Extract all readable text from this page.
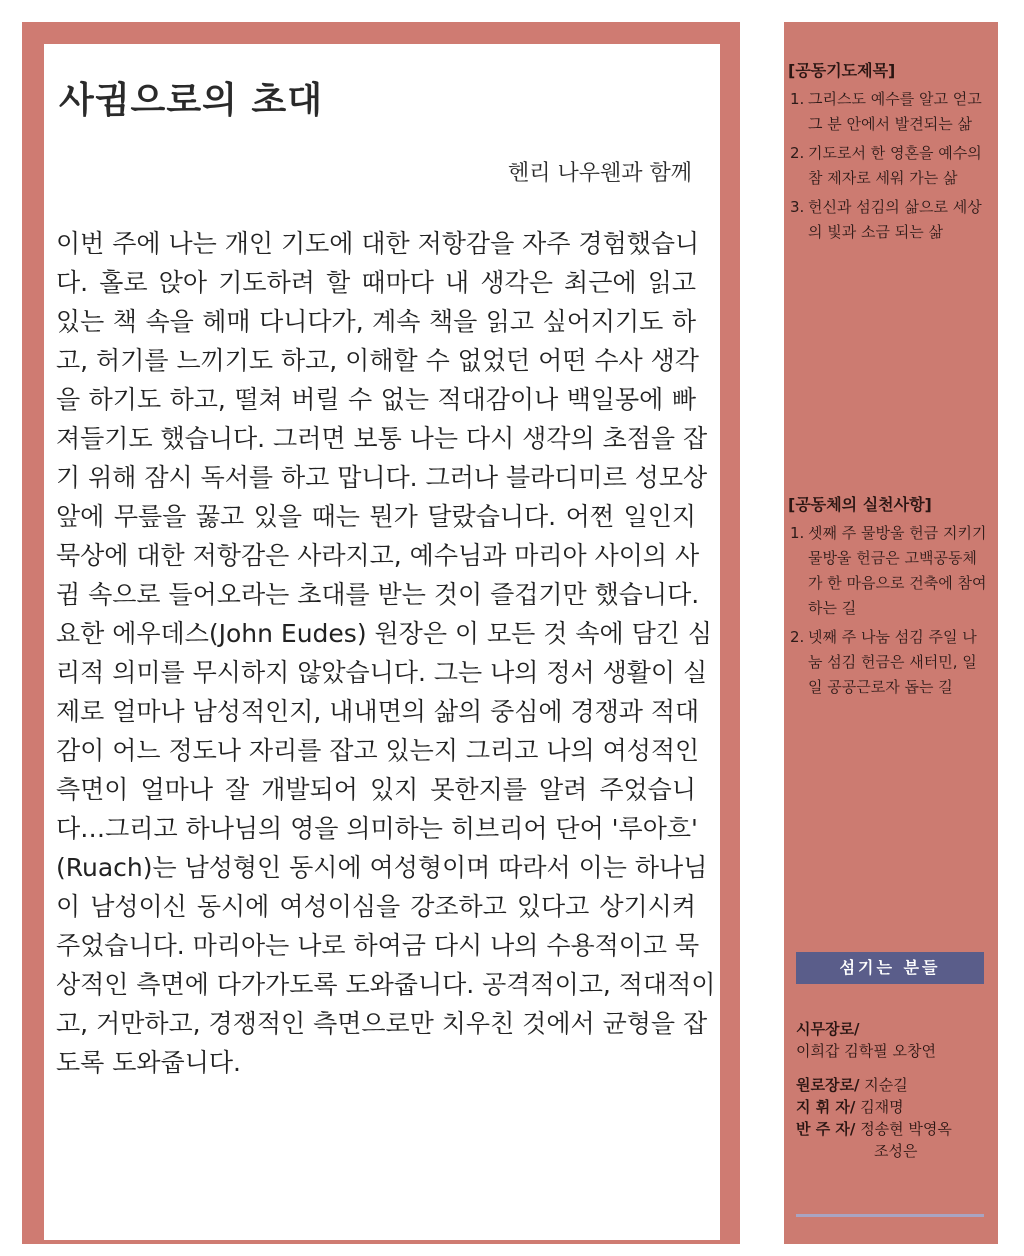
사귐으로의 초대
헨리 나우웬과 함께
이번 주에 나는 개인 기도에 대한 저항감을 자주 경험했습니
다. 홀로 앉아 기도하려 할 때마다 내 생각은 최근에 읽고
있는 책 속을 헤매 다니다가, 계속 책을 읽고 싶어지기도 하
고, 허기를 느끼기도 하고, 이해할 수 없었던 어떤 수사 생각
을 하기도 하고, 떨쳐 버릴 수 없는 적대감이나 백일몽에 빠
져들기도 했습니다. 그러면 보통 나는 다시 생각의 초점을 잡
기 위해 잠시 독서를 하고 맙니다. 그러나 블라디미르 성모상
앞에 무릎을 꿇고 있을 때는 뭔가 달랐습니다. 어쩐 일인지
묵상에 대한 저항감은 사라지고, 예수님과 마리아 사이의 사
귐 속으로 들어오라는 초대를 받는 것이 즐겁기만 했습니다.
요한 에우데스(John Eudes) 원장은 이 모든 것 속에 담긴 심
리적 의미를 무시하지 않았습니다. 그는 나의 정서 생활이 실
제로 얼마나 남성적인지, 내내면의 삶의 중심에 경쟁과 적대
감이 어느 정도나 자리를 잡고 있는지 그리고 나의 여성적인
측면이 얼마나 잘 개발되어 있지 못한지를 알려 주었습니
다…그리고 하나님의 영을 의미하는 히브리어 단어 '루아흐'
(Ruach)는 남성형인 동시에 여성형이며 따라서 이는 하나님
이 남성이신 동시에 여성이심을 강조하고 있다고 상기시켜
주었습니다. 마리아는 나로 하여금 다시 나의 수용적이고 묵
상적인 측면에 다가가도록 도와줍니다. 공격적이고, 적대적이
고, 거만하고, 경쟁적인 측면으로만 치우친 것에서 균형을 잡
도록 도와줍니다.
[공동기도제목]
1. 그리스도 예수를 알고 얻고 그 분 안에서 발견되는 삶
2. 기도로서 한 영혼을 예수의 참 제자로 세워 가는 삶
3. 헌신과 섬김의 삶으로 세상의 빛과 소금 되는 삶
[공동체의 실천사항]
1. 셋째 주 물방울 헌금 지키기 물방울 헌금은 고백공동체가 한 마음으로 건축에 참여하는 길
2. 넷째 주 나눔 섬김 주일 나눔 섬김 헌금은 새터민, 일 일 공공근로자 돕는 길
섬기는 분들
시무장로/
이희갑 김학필 오창연
원로장로/ 지순길
지 휘 자/ 김재명
반 주 자/ 정송현 박영옥
조성은
